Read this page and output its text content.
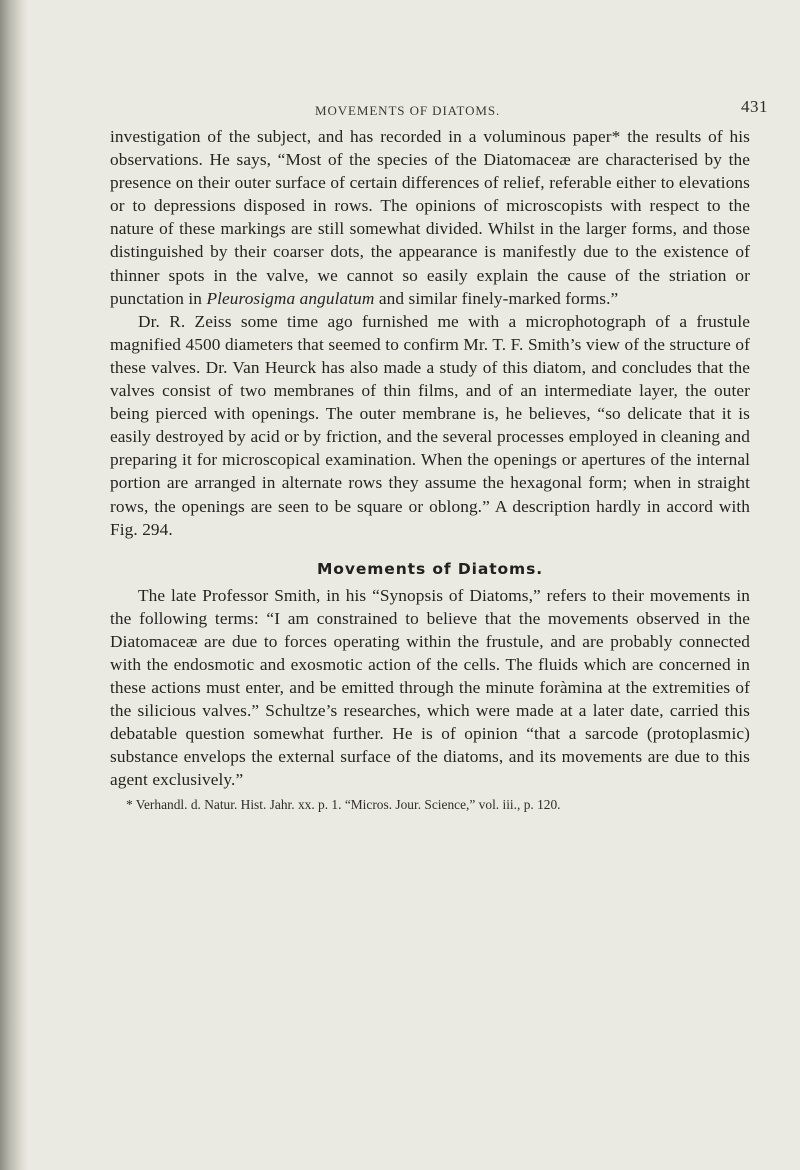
MOVEMENTS OF DIATOMS.	431

investigation of the subject, and has recorded in a voluminous paper* the results of his observations. He says, “Most of the species of the Diatomaceæ are characterised by the presence on their outer surface of certain differences of relief, referable either to elevations or to depressions disposed in rows. The opinions of microscopists with respect to the nature of these markings are still somewhat divided. Whilst in the larger forms, and those distinguished by their coarser dots, the appearance is manifestly due to the existence of thinner spots in the valve, we cannot so easily explain the cause of the striation or punctation in Pleurosigma angulatum and similar finely-marked forms.”

Dr. R. Zeiss some time ago furnished me with a microphotograph of a frustule magnified 4500 diameters that seemed to confirm Mr. T. F. Smith’s view of the structure of these valves. Dr. Van Heurck has also made a study of this diatom, and concludes that the valves consist of two membranes of thin films, and of an intermediate layer, the outer being pierced with openings. The outer membrane is, he believes, “so delicate that it is easily destroyed by acid or by friction, and the several processes employed in cleaning and preparing it for microscopical examination. When the openings or apertures of the internal portion are arranged in alternate rows they assume the hexagonal form; when in straight rows, the openings are seen to be square or oblong.” A description hardly in accord with Fig. 294.

Movements of Diatoms.

The late Professor Smith, in his “Synopsis of Diatoms,” refers to their movements in the following terms: “I am constrained to believe that the movements observed in the Diatomaceæ are due to forces operating within the frustule, and are probably connected with the endosmotic and exosmotic action of the cells. The fluids which are concerned in these actions must enter, and be emitted through the minute foràmina at the extremities of the silicious valves.” Schultze’s researches, which were made at a later date, carried this debatable question somewhat further. He is of opinion “that a sarcode (protoplasmic) substance envelops the external surface of the diatoms, and its movements are due to this agent exclusively.”

* Verhandl. d. Natur. Hist. Jahr. xx. p. 1. “Micros. Jour. Science,” vol. iii., p. 120.
